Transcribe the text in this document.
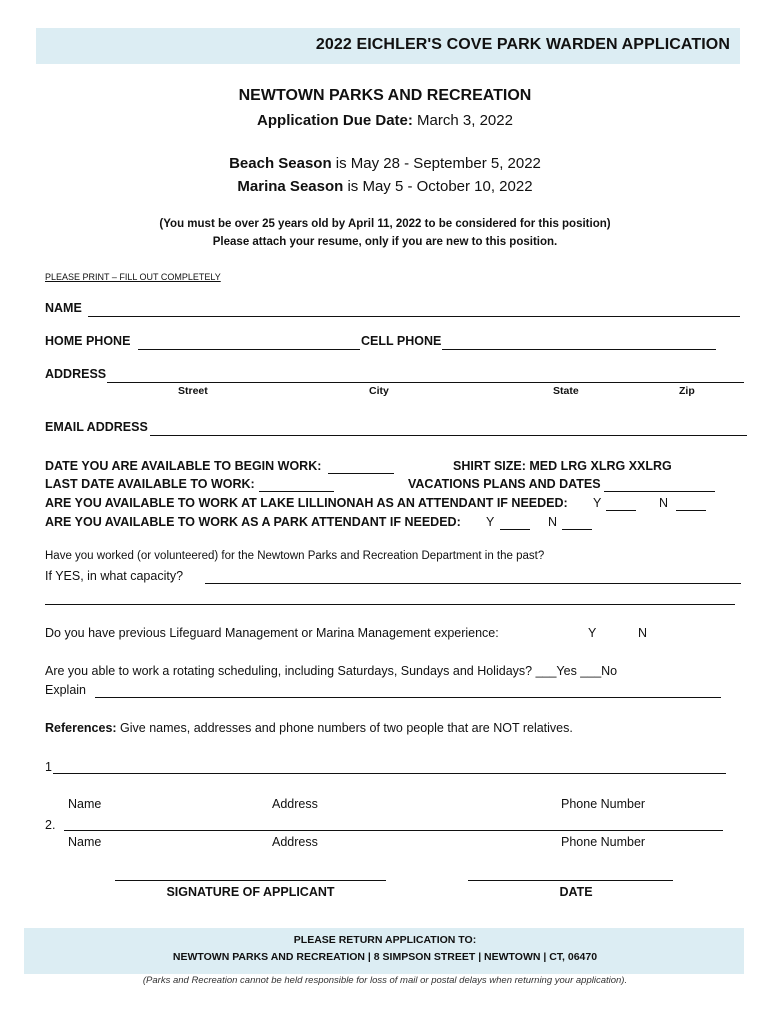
2022 EICHLER'S COVE PARK WARDEN APPLICATION
NEWTOWN PARKS AND RECREATION
Application Due Date: March 3, 2022
Beach Season is May 28 - September 5, 2022
Marina Season is May 5 - October 10, 2022
(You must be over 25 years old by April 11, 2022 to be considered for this position)
Please attach your resume, only if you are new to this position.
PLEASE PRINT – FILL OUT COMPLETELY
NAME
HOME PHONE	CELL PHONE
ADDRESS
Street	City	State	Zip
EMAIL ADDRESS
DATE YOU ARE AVAILABLE TO BEGIN WORK:	SHIRT SIZE: MED LRG XLRG XXLRG
LAST DATE AVAILABLE TO WORK:	VACATIONS PLANS AND DATES
ARE YOU AVAILABLE TO WORK AT LAKE LILLINONAH AS AN ATTENDANT IF NEEDED: Y	N
ARE YOU AVAILABLE TO WORK AS A PARK ATTENDANT IF NEEDED: Y	N
Have you worked (or volunteered) for the Newtown Parks and Recreation Department in the past?
If YES, in what capacity?
Do you have previous Lifeguard Management or Marina Management experience:	Y	N
Are you able to work a rotating scheduling, including Saturdays, Sundays and Holidays? ___Yes ___No
Explain
References: Give names, addresses and phone numbers of two people that are NOT relatives.
1
Name	Address	Phone Number
2.
Name	Address	Phone Number
SIGNATURE OF APPLICANT	DATE
PLEASE RETURN APPLICATION TO:
NEWTOWN PARKS AND RECREATION | 8 SIMPSON STREET | NEWTOWN | CT, 06470
(Parks and Recreation cannot be held responsible for loss of mail or postal delays when returning your application).
